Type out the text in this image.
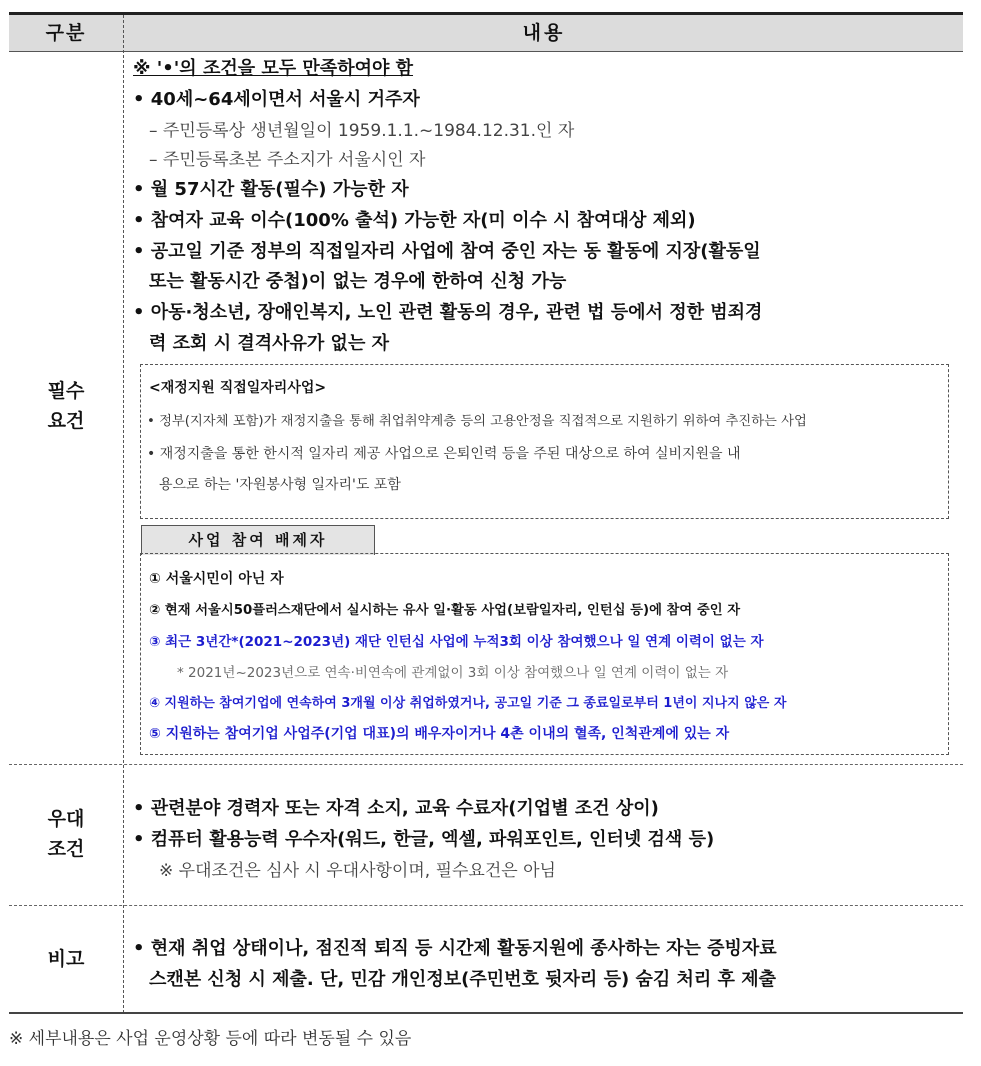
구분	내용
필수
요건
우대
조건
비고
※ '•'의 조건을 모두 만족하여야 함
• 40세~64세이면서 서울시 거주자
– 주민등록상 생년월일이 1959.1.1.~1984.12.31.인 자
– 주민등록초본 주소지가 서울시인 자
• 월 57시간 활동(필수) 가능한 자
• 참여자 교육 이수(100% 출석) 가능한 자(미 이수 시 참여대상 제외)
• 공고일 기준 정부의 직접일자리 사업에 참여 중인 자는 동 활동에 지장(활동일
또는 활동시간 중첩)이 없는 경우에 한하여 신청 가능
• 아동·청소년, 장애인복지, 노인 관련 활동의 경우, 관련 법 등에서 정한 범죄경
력 조회 시 결격사유가 없는 자
<재정지원 직접일자리사업>
• 정부(지자체 포함)가 재정지출을 통해 취업취약계층 등의 고용안정을 직접적으로 지원하기 위하여 추진하는 사업
• 재정지출을 통한 한시적 일자리 제공 사업으로 은퇴인력 등을 주된 대상으로 하여 실비지원을 내
용으로 하는 '자원봉사형 일자리'도 포함
사업 참여 배제자
① 서울시민이 아닌 자
② 현재 서울시50플러스재단에서 실시하는 유사 일·활동 사업(보람일자리, 인턴십 등)에 참여 중인 자
③ 최근 3년간*(2021~2023년) 재단 인턴십 사업에 누적3회 이상 참여했으나 일 연계 이력이 없는 자
* 2021년~2023년으로 연속·비연속에 관계없이 3회 이상 참여했으나 일 연계 이력이 없는 자
④ 지원하는 참여기업에 연속하여 3개월 이상 취업하였거나, 공고일 기준 그 종료일로부터 1년이 지나지 않은 자
⑤ 지원하는 참여기업 사업주(기업 대표)의 배우자이거나 4촌 이내의 혈족, 인척관계에 있는 자
• 관련분야 경력자 또는 자격 소지, 교육 수료자(기업별 조건 상이)
• 컴퓨터 활용능력 우수자(워드, 한글, 엑셀, 파워포인트, 인터넷 검색 등)
※ 우대조건은 심사 시 우대사항이며, 필수요건은 아님
• 현재 취업 상태이나, 점진적 퇴직 등 시간제 활동지원에 종사하는 자는 증빙자료
스캔본 신청 시 제출. 단, 민감 개인정보(주민번호 뒷자리 등) 숨김 처리 후 제출
※ 세부내용은 사업 운영상황 등에 따라 변동될 수 있음
